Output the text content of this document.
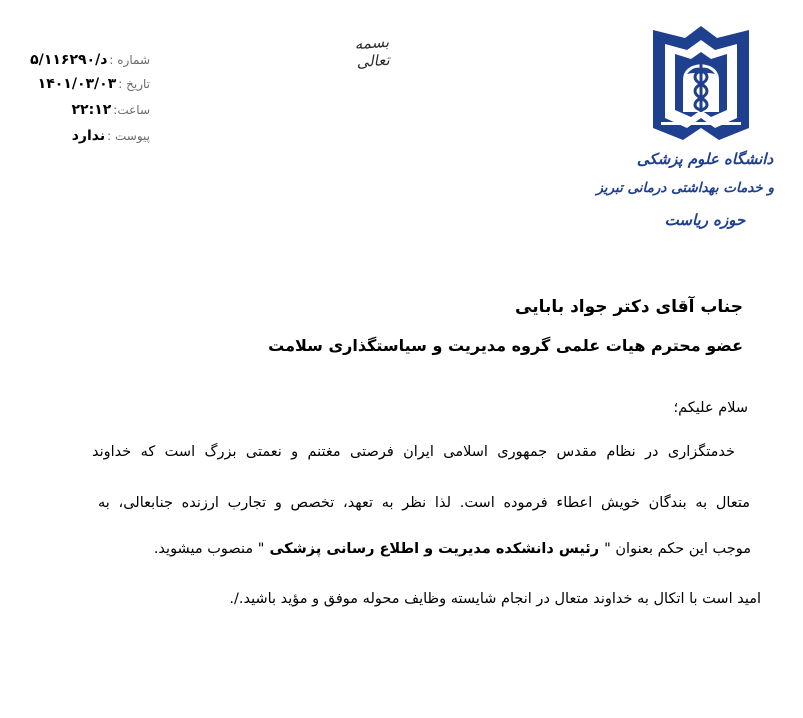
شماره :
۵/د/۱۱۶۲۹۰
تاریخ :
۱۴۰۱/۰۳/۰۳
ساعت:
۲۲:۱۲
پیوست :
ندارد
بسمه تعالی
دانشگاه علوم پزشکی
و خدمات بهداشتی درمانی تبریز
حوزه ریاست
جناب آقای دکتر جواد بابایی
عضو محترم هیات علمی گروه مدیریت و سیاستگذاری سلامت
سلام علیکم؛
خدمتگزاری در نظام مقدس جمهوری اسلامی ایران فرصتی مغتنم و نعمتی بزرگ است که خداوند
متعال به بندگان خویش اعطاء فرموده است. لذا نظر به تعهد، تخصص و تجارب ارزنده جنابعالی، به
موجب این حکم بعنوان " رئیس دانشکده مدیریت و اطلاع رسانی پزشکی " منصوب میشوید.
امید است با اتکال به خداوند متعال در انجام شایسته وظایف محوله موفق و مؤید باشید./.
